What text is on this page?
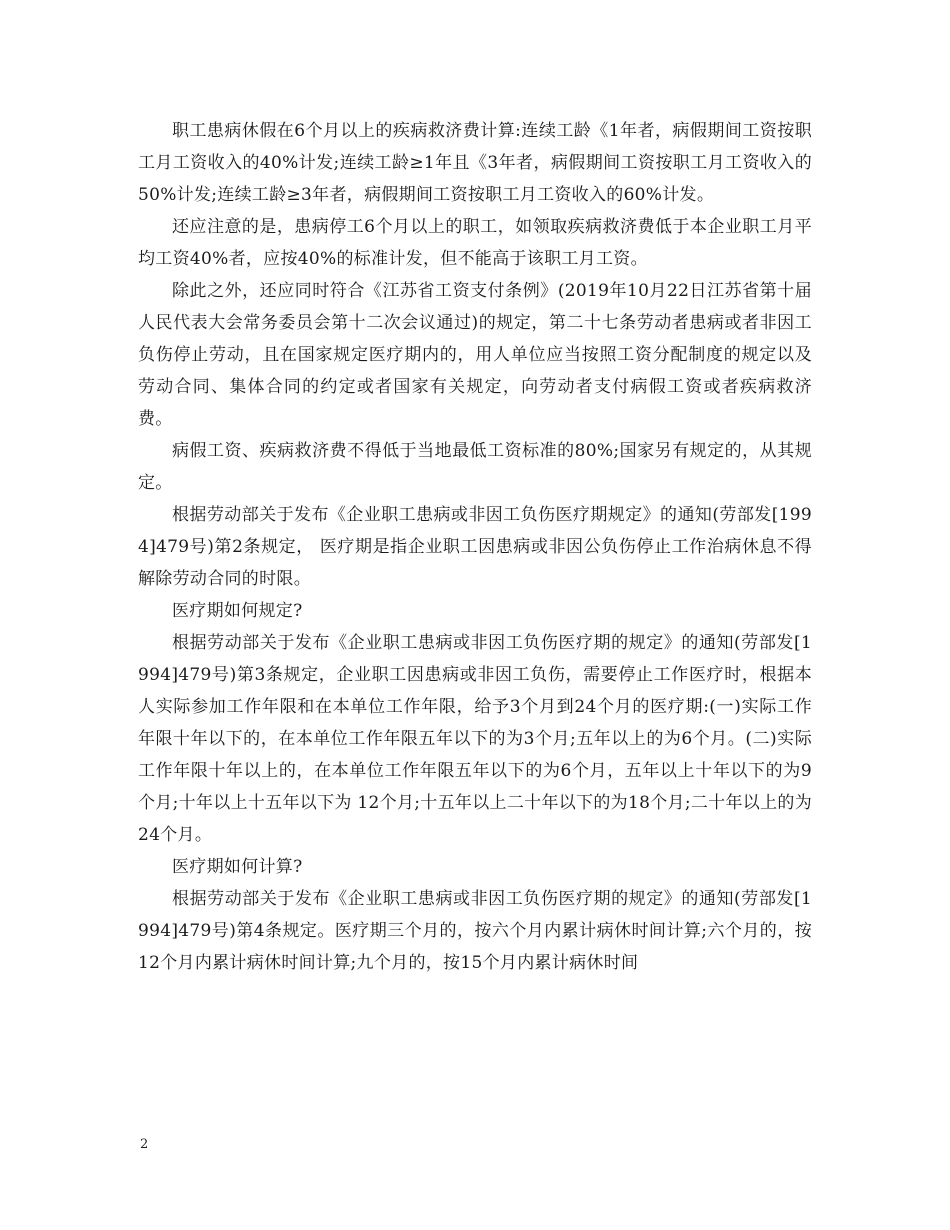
职工患病休假在6个月以上的疾病救济费计算:连续工龄《1年者，病假期间工资按职工月工资收入的40%计发;连续工龄≥1年且《3年者，病假期间工资按职工月工资收入的50%计发;连续工龄≥3年者，病假期间工资按职工月工资收入的60%计发。

还应注意的是，患病停工6个月以上的职工，如领取疾病救济费低于本企业职工月平均工资40%者，应按40%的标准计发，但不能高于该职工月工资。

除此之外，还应同时符合《江苏省工资支付条例》(2019年10月22日江苏省第十届人民代表大会常务委员会第十二次会议通过)的规定，第二十七条劳动者患病或者非因工负伤停止劳动，且在国家规定医疗期内的，用人单位应当按照工资分配制度的规定以及劳动合同、集体合同的约定或者国家有关规定，向劳动者支付病假工资或者疾病救济费。

病假工资、疾病救济费不得低于当地最低工资标准的80%;国家另有规定的，从其规定。

根据劳动部关于发布《企业职工患病或非因工负伤医疗期规定》的通知(劳部发[1994]479号)第2条规定， 医疗期是指企业职工因患病或非因公负伤停止工作治病休息不得解除劳动合同的时限。

医疗期如何规定?

根据劳动部关于发布《企业职工患病或非因工负伤医疗期的规定》的通知(劳部发[1994]479号)第3条规定，企业职工因患病或非因工负伤，需要停止工作医疗时，根据本人实际参加工作年限和在本单位工作年限，给予3个月到24个月的医疗期:(一)实际工作年限十年以下的，在本单位工作年限五年以下的为3个月;五年以上的为6个月。(二)实际工作年限十年以上的，在本单位工作年限五年以下的为6个月，五年以上十年以下的为9个月;十年以上十五年以下为 12个月;十五年以上二十年以下的为18个月;二十年以上的为24个月。

医疗期如何计算?

根据劳动部关于发布《企业职工患病或非因工负伤医疗期的规定》的通知(劳部发[1994]479号)第4条规定。医疗期三个月的，按六个月内累计病休时间计算;六个月的，按12个月内累计病休时间计算;九个月的，按15个月内累计病休时间

2
